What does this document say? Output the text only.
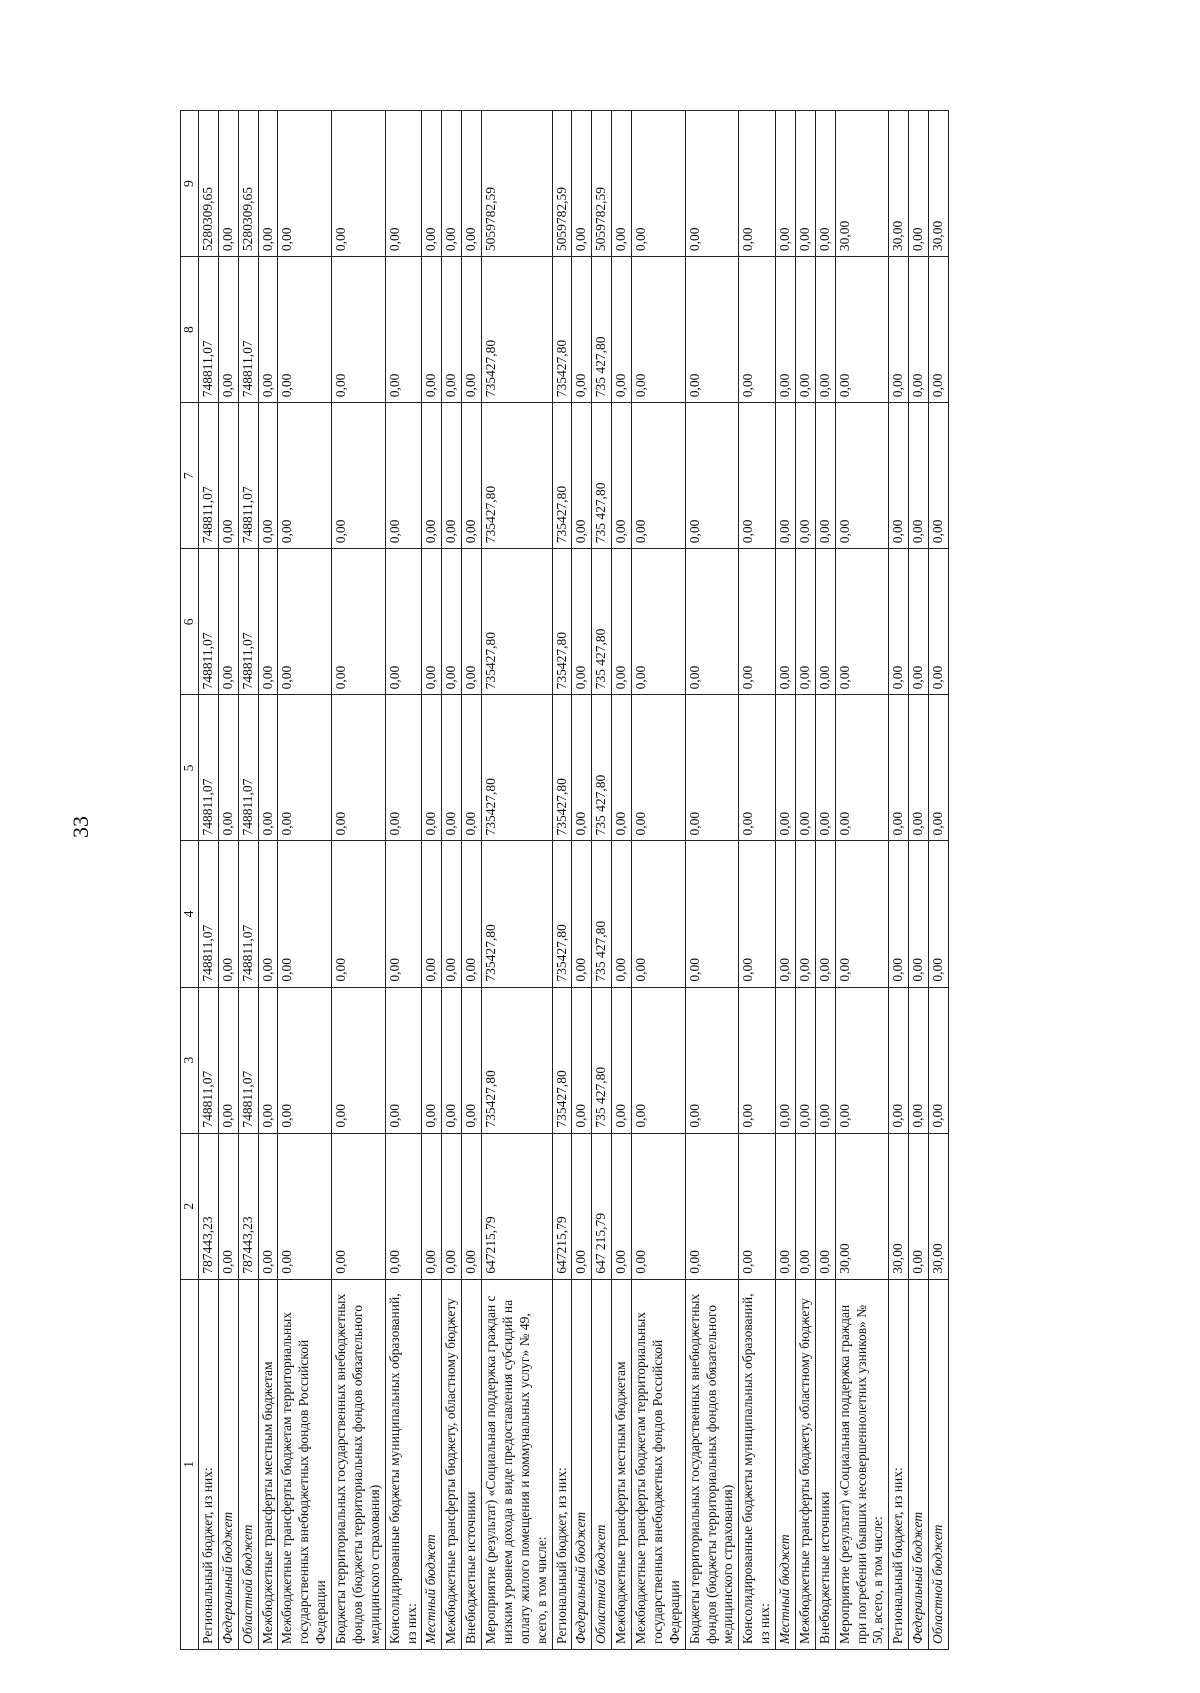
33
1	2	3	4	5	6	7	8	9
Региональный бюджет, из них:	787443,23	748811,07	748811,07	748811,07	748811,07	748811,07	748811,07	5280309,65
Федеральный бюджет	0,00	0,00	0,00	0,00	0,00	0,00	0,00	0,00
Областной бюджет	787443,23	748811,07	748811,07	748811,07	748811,07	748811,07	748811,07	5280309,65
Межбюджетные трансферты местным бюджетам	0,00	0,00	0,00	0,00	0,00	0,00	0,00	0,00
Межбюджетные трансферты бюджетам территориальных государственных внебюджетных фондов Российской Федерации	0,00	0,00	0,00	0,00	0,00	0,00	0,00	0,00
Бюджеты территориальных государственных внебюджетных фондов (бюджеты территориальных фондов обязательного медицинского страхования)	0,00	0,00	0,00	0,00	0,00	0,00	0,00	0,00
Консолидированные бюджеты муниципальных образований, из них:	0,00	0,00	0,00	0,00	0,00	0,00	0,00	0,00
Местный бюджет	0,00	0,00	0,00	0,00	0,00	0,00	0,00	0,00
Межбюджетные трансферты бюджету, областному бюджету	0,00	0,00	0,00	0,00	0,00	0,00	0,00	0,00
Внебюджетные источники	0,00	0,00	0,00	0,00	0,00	0,00	0,00	0,00
Мероприятие (результат) «Социальная поддержка граждан с низким уровнем дохода в виде предоставления субсидий на оплату жилого помещения и коммунальных услуг» № 49, всего, в том числе:	647215,79	735427,80	735427,80	735427,80	735427,80	735427,80	735427,80	5059782,59
Региональный бюджет, из них:	647215,79	735427,80	735427,80	735427,80	735427,80	735427,80	735427,80	5059782,59
Федеральный бюджет	0,00	0,00	0,00	0,00	0,00	0,00	0,00	0,00
Областной бюджет	647 215,79	735 427,80	735 427,80	735 427,80	735 427,80	735 427,80	735 427,80	5059782,59
Межбюджетные трансферты местным бюджетам	0,00	0,00	0,00	0,00	0,00	0,00	0,00	0,00
Межбюджетные трансферты бюджетам территориальных государственных внебюджетных фондов Российской Федерации	0,00	0,00	0,00	0,00	0,00	0,00	0,00	0,00
Бюджеты территориальных государственных внебюджетных фондов (бюджеты территориальных фондов обязательного медицинского страхования)	0,00	0,00	0,00	0,00	0,00	0,00	0,00	0,00
Консолидированные бюджеты муниципальных образований, из них:	0,00	0,00	0,00	0,00	0,00	0,00	0,00	0,00
Местный бюджет	0,00	0,00	0,00	0,00	0,00	0,00	0,00	0,00
Межбюджетные трансферты бюджету, областному бюджету	0,00	0,00	0,00	0,00	0,00	0,00	0,00	0,00
Внебюджетные источники	0,00	0,00	0,00	0,00	0,00	0,00	0,00	0,00
Мероприятие (результат) «Социальная поддержка граждан при погребении бывших несовершеннолетних узников» № 50, всего, в том числе:	30,00	0,00	0,00	0,00	0,00	0,00	0,00	30,00
Региональный бюджет, из них:	30,00	0,00	0,00	0,00	0,00	0,00	0,00	30,00
Федеральный бюджет	0,00	0,00	0,00	0,00	0,00	0,00	0,00	0,00
Областной бюджет	30,00	0,00	0,00	0,00	0,00	0,00	0,00	30,00
